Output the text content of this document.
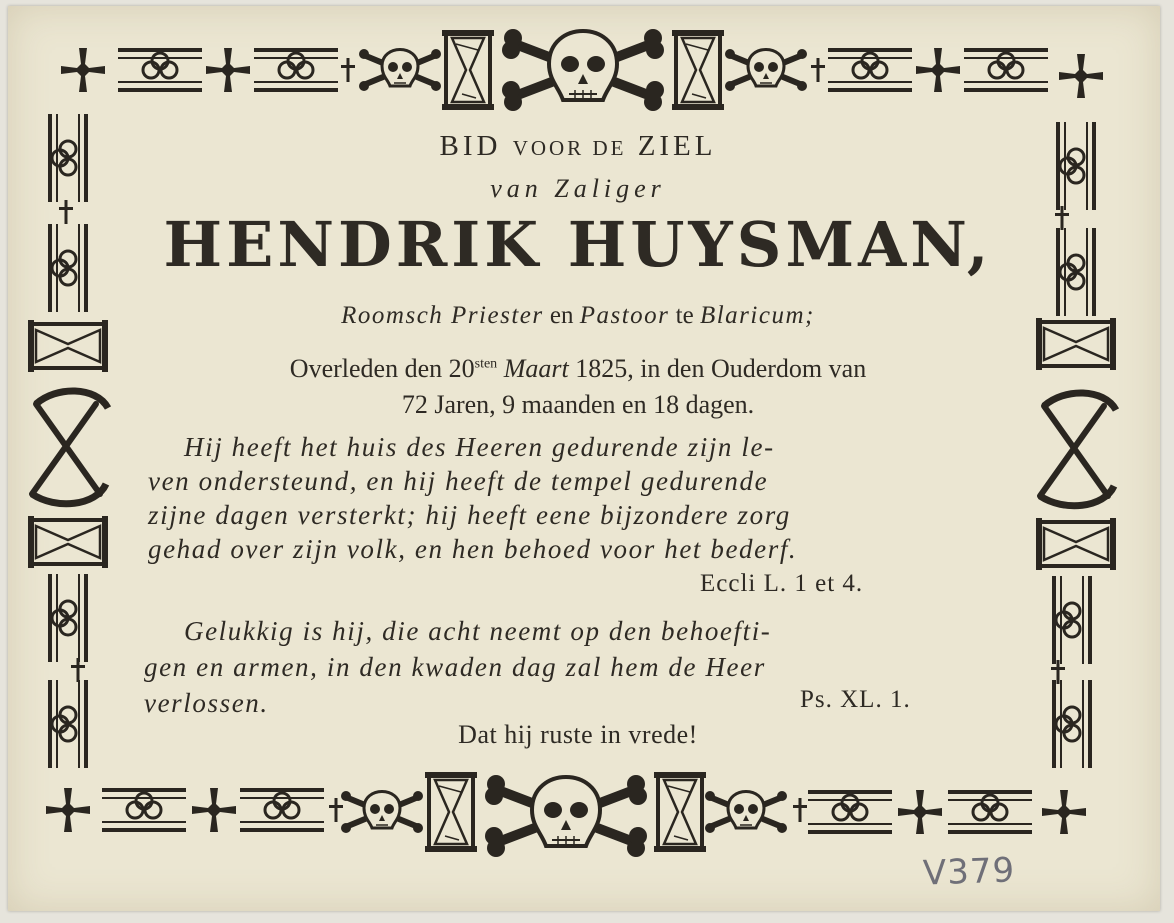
BID VOOR DE ZIEL
van Zaliger
HENDRIK HUYSMAN,
Roomsch Priester en Pastoor te Blaricum;
Overleden den $20^{sten}$ Maart 1825, in den Ouderdom van
72 Jaren, 9 maanden en 18 dagen.
Hij heeft het huis des Heeren gedurende zijn le-
ven ondersteund, en hij heeft de tempel gedurende
zijne dagen versterkt; hij heeft eene bijzondere zorg
gehad over zijn volk, en hen behoed voor het bederf.
Eccli L. 1 et 4.
Gelukkig is hij, die acht neemt op den behoefti-
gen en armen, in den kwaden dag zal hem de Heer
verlossen.	Ps. XL. 1.
Dat hij ruste in vrede!
V379
